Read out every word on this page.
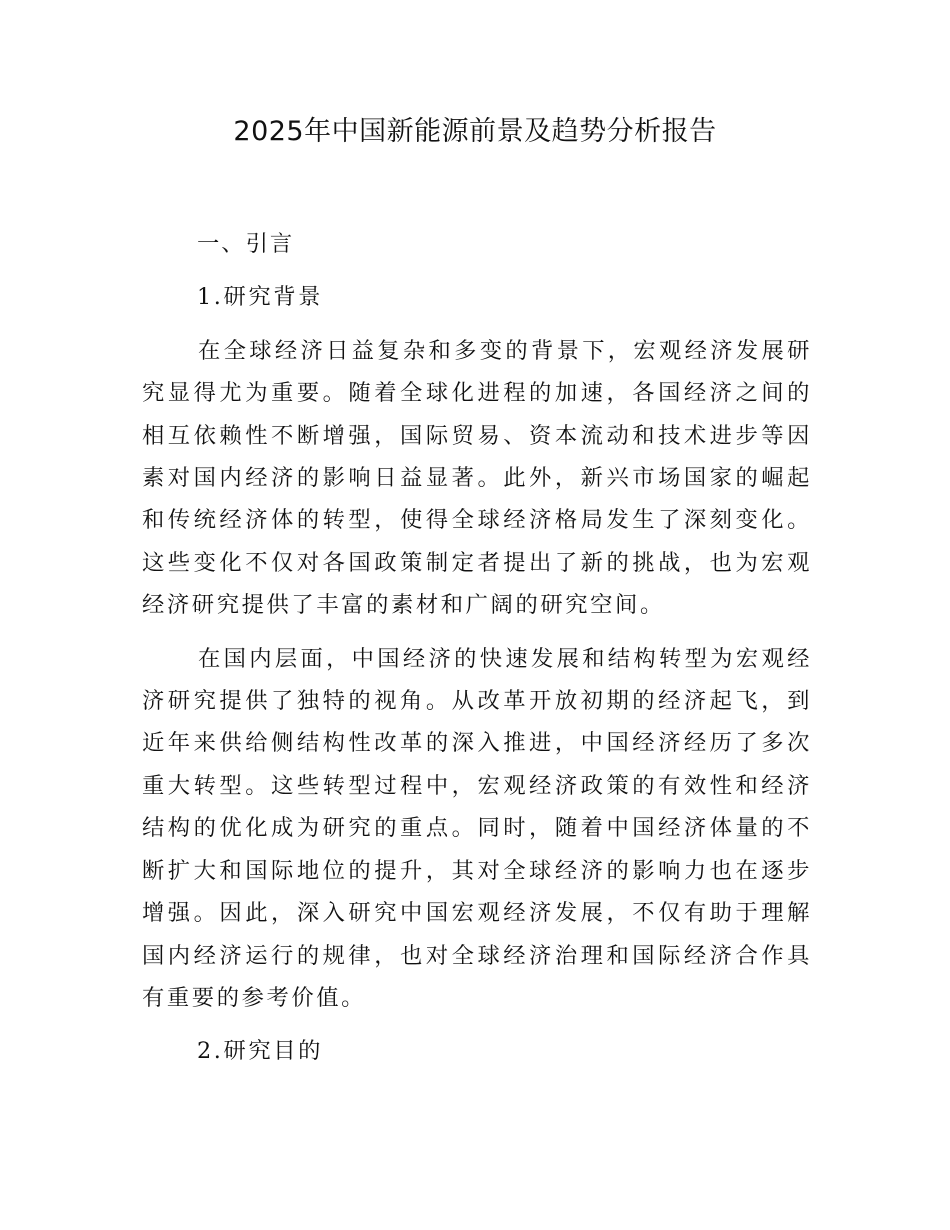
2025年中国新能源前景及趋势分析报告
一、引言
1.研究背景

在全球经济日益复杂和多变的背景下，宏观经济发展研究显得尤为重要。随着全球化进程的加速，各国经济之间的相互依赖性不断增强，国际贸易、资本流动和技术进步等因素对国内经济的影响日益显著。此外，新兴市场国家的崛起和传统经济体的转型，使得全球经济格局发生了深刻变化。这些变化不仅对各国政策制定者提出了新的挑战，也为宏观经济研究提供了丰富的素材和广阔的研究空间。

在国内层面，中国经济的快速发展和结构转型为宏观经济研究提供了独特的视角。从改革开放初期的经济起飞，到近年来供给侧结构性改革的深入推进，中国经济经历了多次重大转型。这些转型过程中，宏观经济政策的有效性和经济结构的优化成为研究的重点。同时，随着中国经济体量的不断扩大和国际地位的提升，其对全球经济的影响力也在逐步增强。因此，深入研究中国宏观经济发展，不仅有助于理解国内经济运行的规律，也对全球经济治理和国际经济合作具有重要的参考价值。

2.研究目的
